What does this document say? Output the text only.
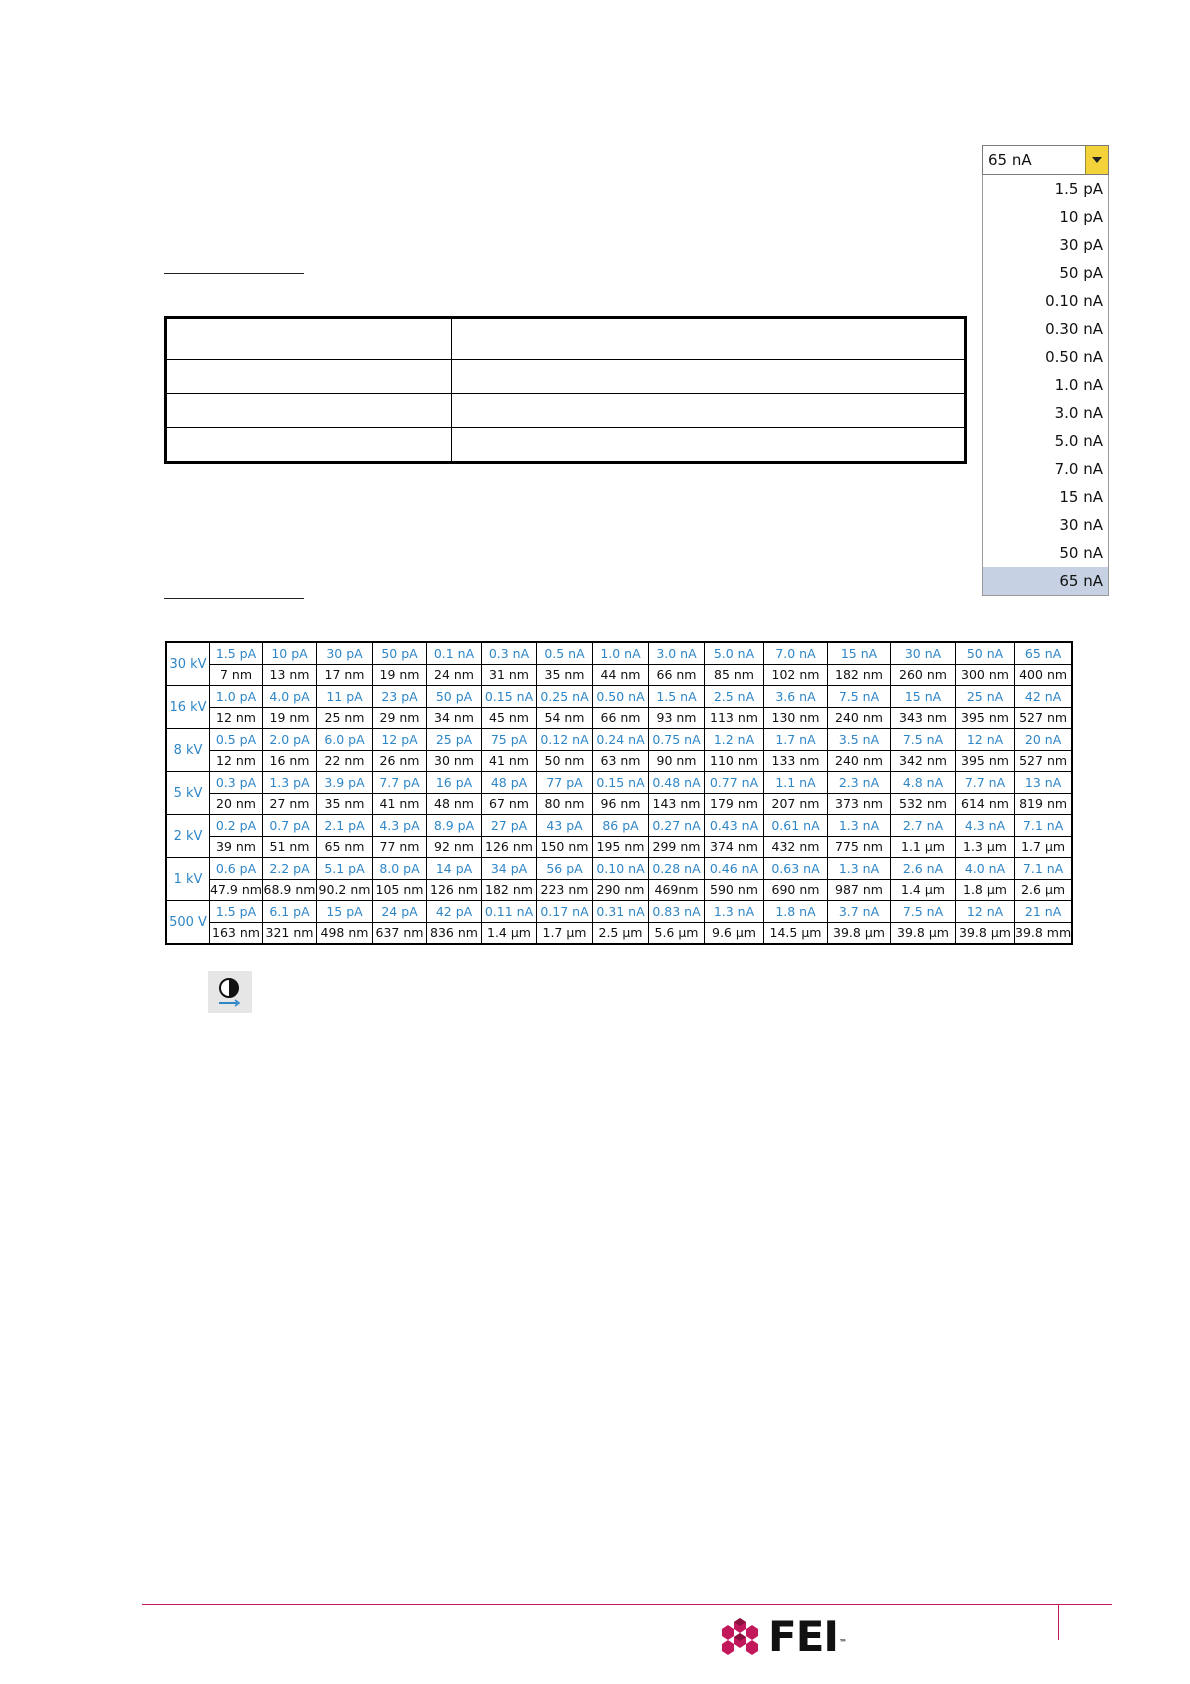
65 nA
1.5 pA
10 pA
30 pA
50 pA
0.10 nA
0.30 nA
0.50 nA
1.0 nA
3.0 nA
5.0 nA
7.0 nA
15 nA
30 nA
50 nA
65 nA
30 kV	1.5 pA	10 pA	30 pA	50 pA	0.1 nA	0.3 nA	0.5 nA	1.0 nA	3.0 nA	5.0 nA	7.0 nA	15 nA	30 nA	50 nA	65 nA
	7 nm	13 nm	17 nm	19 nm	24 nm	31 nm	35 nm	44 nm	66 nm	85 nm	102 nm	182 nm	260 nm	300 nm	400 nm
16 kV	1.0 pA	4.0 pA	11 pA	23 pA	50 pA	0.15 nA	0.25 nA	0.50 nA	1.5 nA	2.5 nA	3.6 nA	7.5 nA	15 nA	25 nA	42 nA
	12 nm	19 nm	25 nm	29 nm	34 nm	45 nm	54 nm	66 nm	93 nm	113 nm	130 nm	240 nm	343 nm	395 nm	527 nm
8 kV	0.5 pA	2.0 pA	6.0 pA	12 pA	25 pA	75 pA	0.12 nA	0.24 nA	0.75 nA	1.2 nA	1.7 nA	3.5 nA	7.5 nA	12 nA	20 nA
	12 nm	16 nm	22 nm	26 nm	30 nm	41 nm	50 nm	63 nm	90 nm	110 nm	133 nm	240 nm	342 nm	395 nm	527 nm
5 kV	0.3 pA	1.3 pA	3.9 pA	7.7 pA	16 pA	48 pA	77 pA	0.15 nA	0.48 nA	0.77 nA	1.1 nA	2.3 nA	4.8 nA	7.7 nA	13 nA
	20 nm	27 nm	35 nm	41 nm	48 nm	67 nm	80 nm	96 nm	143 nm	179 nm	207 nm	373 nm	532 nm	614 nm	819 nm
2 kV	0.2 pA	0.7 pA	2.1 pA	4.3 pA	8.9 pA	27 pA	43 pA	86 pA	0.27 nA	0.43 nA	0.61 nA	1.3 nA	2.7 nA	4.3 nA	7.1 nA
	39 nm	51 nm	65 nm	77 nm	92 nm	126 nm	150 nm	195 nm	299 nm	374 nm	432 nm	775 nm	1.1 µm	1.3 µm	1.7 µm
1 kV	0.6 pA	2.2 pA	5.1 pA	8.0 pA	14 pA	34 pA	56 pA	0.10 nA	0.28 nA	0.46 nA	0.63 nA	1.3 nA	2.6 nA	4.0 nA	7.1 nA
	47.9 nm	68.9 nm	90.2 nm	105 nm	126 nm	182 nm	223 nm	290 nm	469nm	590 nm	690 nm	987 nm	1.4 µm	1.8 µm	2.6 µm
500 V	1.5 pA	6.1 pA	15 pA	24 pA	42 pA	0.11 nA	0.17 nA	0.31 nA	0.83 nA	1.3 nA	1.8 nA	3.7 nA	7.5 nA	12 nA	21 nA
	163 nm	321 nm	498 nm	637 nm	836 nm	1.4 µm	1.7 µm	2.5 µm	5.6 µm	9.6 µm	14.5 µm	39.8 µm	39.8 µm	39.8 µm	39.8 mm
FEI™
